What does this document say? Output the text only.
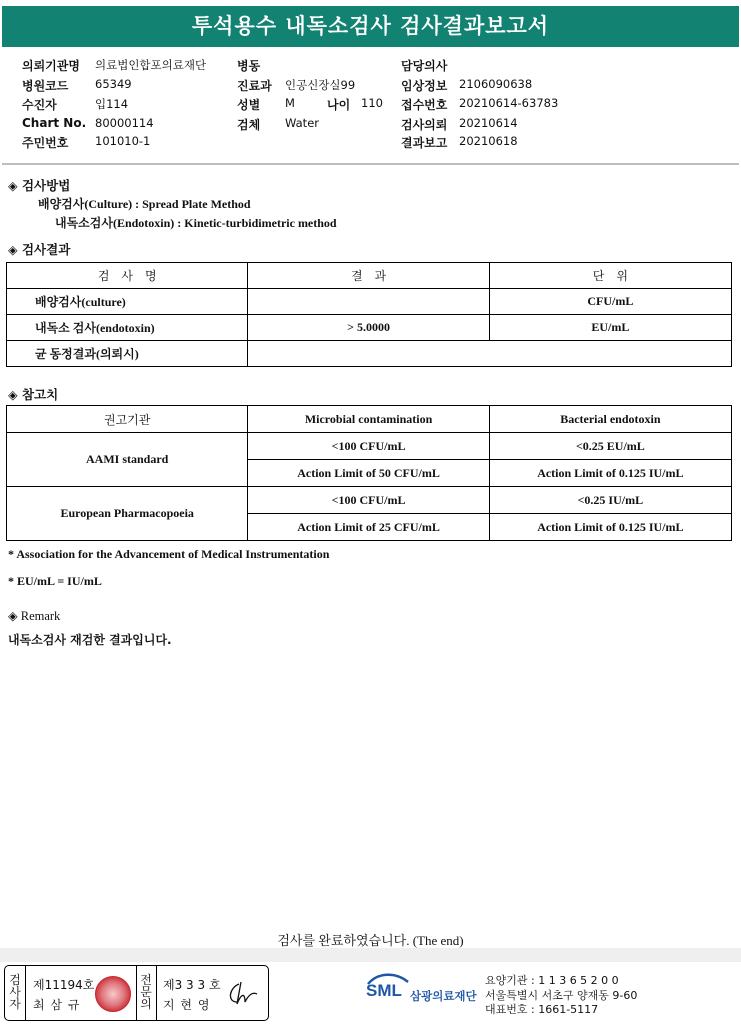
투석용수 내독소검사 검사결과보고서
의뢰기관명 의료법인합포의료재단
병원코드 65349
수진자	입114
Chart No. 80000114
주민번호 101010-1
병동
진료과 인공신장실99
성별 M	나이 110
검체 Water
담당의사
임상정보 2106090638
접수번호 20210614-63783
검사의뢰 20210614
결과보고 20210618
◈ 검사방법
배양검사(Culture) : Spread Plate Method
내독소검사(Endotoxin) : Kinetic-turbidimetric method
◈ 검사결과
검　사　명	결　과	단　위
배양검사(culture)		CFU/mL
내독소 검사(endotoxin)	> 5.0000	EU/mL
균 동정결과(의뢰시)		
◈ 참고치
권고기관	Microbial contamination	Bacterial endotoxin
AAMI standard	<100 CFU/mL	<0.25 EU/mL
	Action Limit of 50 CFU/mL	Action Limit of 0.125 IU/mL
European Pharmacopoeia	<100 CFU/mL	<0.25 IU/mL
	Action Limit of 25 CFU/mL	Action Limit of 0.125 IU/mL
* Association for the Advancement of Medical Instrumentation
* EU/mL = IU/mL
◈ Remark
내독소검사 재검한 결과입니다.
검사를 완료하였습니다. (The end)
검
사
자
제11194호
최 삼 규
전
문
의
제3 3 3 호
지 현 영
SML 삼광의료재단
요양기관 : 1 1 3 6 5 2 0 0
서울특별시 서초구 양재동 9-60
대표번호 : 1661-5117
